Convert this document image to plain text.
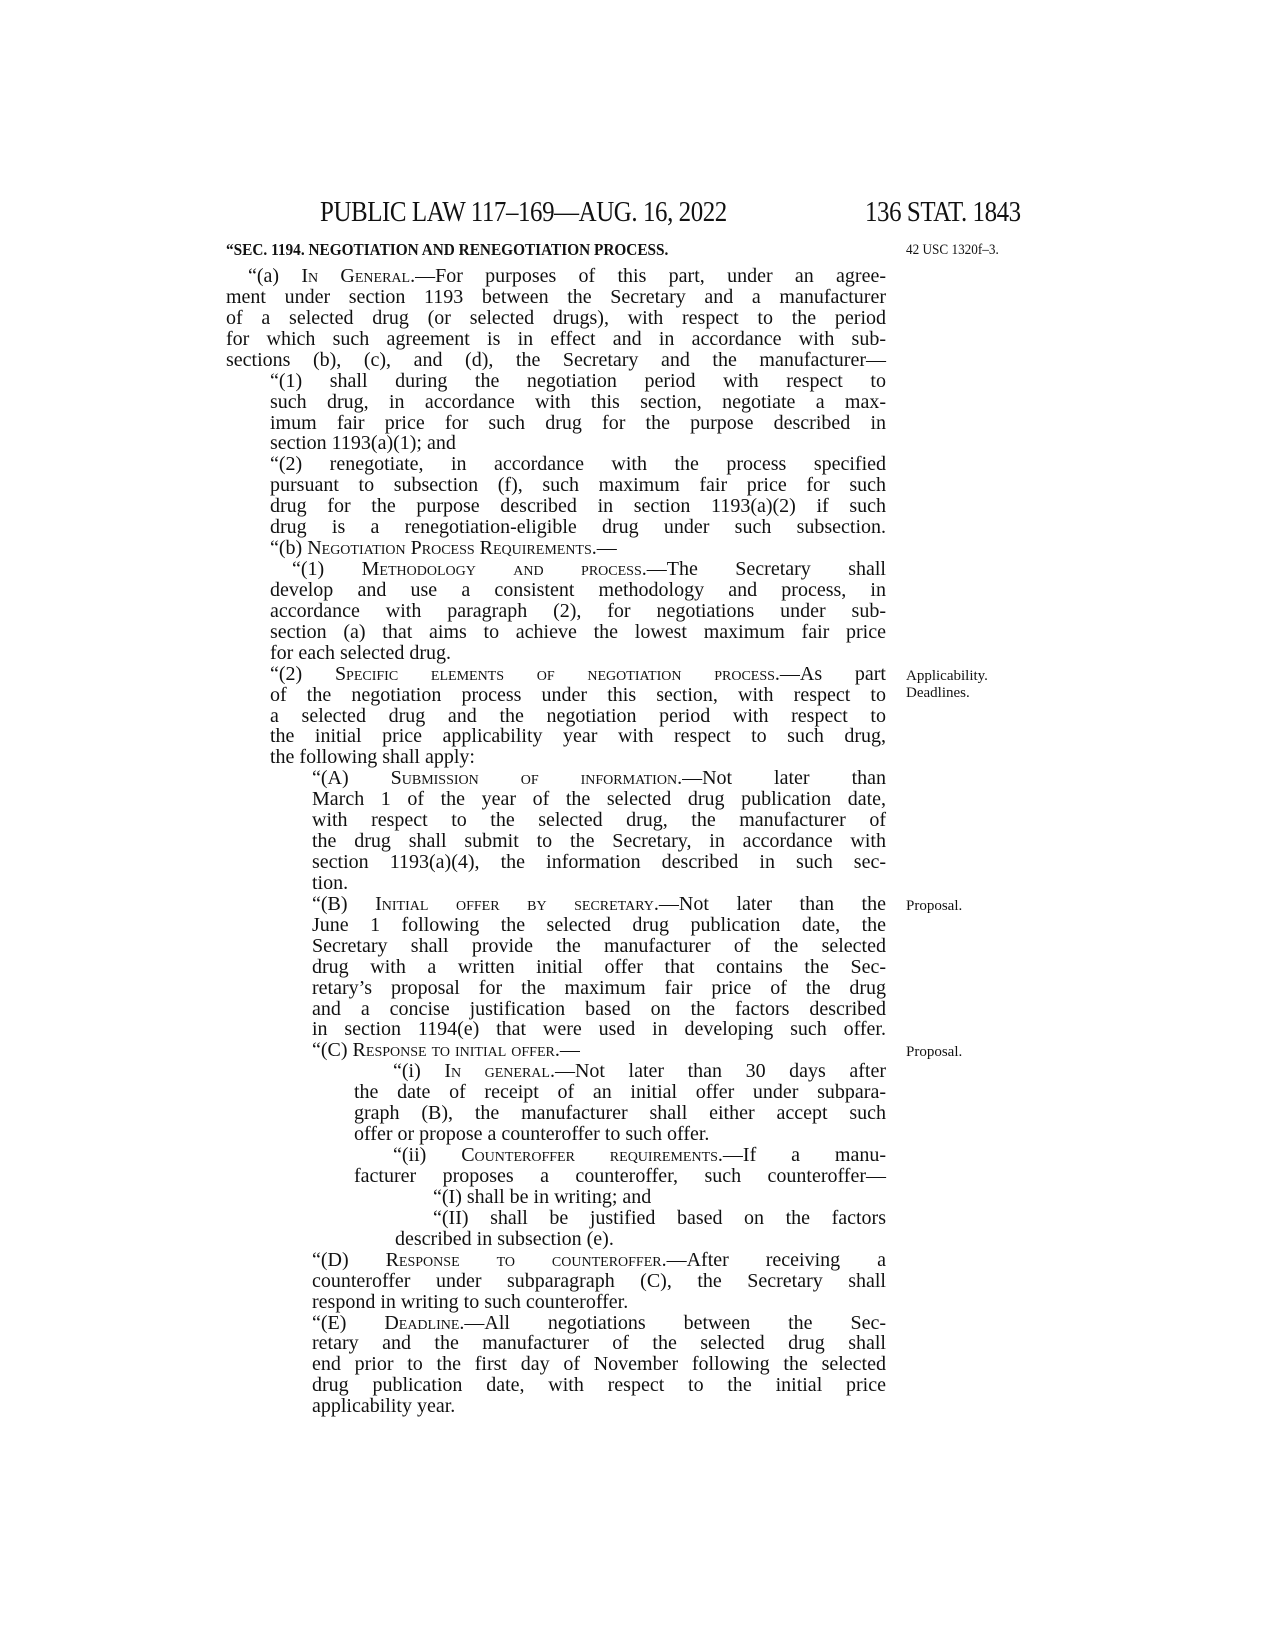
PUBLIC LAW 117–169—AUG. 16, 2022	136 STAT. 1843
“SEC. 1194. NEGOTIATION AND RENEGOTIATION PROCESS.	42 USC 1320f–3.
Applicability.
Deadlines.
Proposal.
Proposal.
“(a) In General.—For purposes of this part, under an agree-
ment under section 1193 between the Secretary and a manufacturer
of a selected drug (or selected drugs), with respect to the period
for which such agreement is in effect and in accordance with sub-
sections (b), (c), and (d), the Secretary and the manufacturer—
“(1) shall during the negotiation period with respect to
such drug, in accordance with this section, negotiate a max-
imum fair price for such drug for the purpose described in
section 1193(a)(1); and
“(2) renegotiate, in accordance with the process specified
pursuant to subsection (f), such maximum fair price for such
drug for the purpose described in section 1193(a)(2) if such
drug is a renegotiation-eligible drug under such subsection.
“(b) Negotiation Process Requirements.—
“(1) Methodology and process.—The Secretary shall
develop and use a consistent methodology and process, in
accordance with paragraph (2), for negotiations under sub-
section (a) that aims to achieve the lowest maximum fair price
for each selected drug.
“(2) Specific elements of negotiation process.—As part
of the negotiation process under this section, with respect to
a selected drug and the negotiation period with respect to
the initial price applicability year with respect to such drug,
the following shall apply:
“(A) Submission of information.—Not later than
March 1 of the year of the selected drug publication date,
with respect to the selected drug, the manufacturer of
the drug shall submit to the Secretary, in accordance with
section 1193(a)(4), the information described in such sec-
tion.
“(B) Initial offer by secretary.—Not later than the
June 1 following the selected drug publication date, the
Secretary shall provide the manufacturer of the selected
drug with a written initial offer that contains the Sec-
retary’s proposal for the maximum fair price of the drug
and a concise justification based on the factors described
in section 1194(e) that were used in developing such offer.
“(C) Response to initial offer.—
“(i) In general.—Not later than 30 days after
the date of receipt of an initial offer under subpara-
graph (B), the manufacturer shall either accept such
offer or propose a counteroffer to such offer.
“(ii) Counteroffer requirements.—If a manu-
facturer proposes a counteroffer, such counteroffer—
“(I) shall be in writing; and
“(II) shall be justified based on the factors
described in subsection (e).
“(D) Response to counteroffer.—After receiving a
counteroffer under subparagraph (C), the Secretary shall
respond in writing to such counteroffer.
“(E) Deadline.—All negotiations between the Sec-
retary and the manufacturer of the selected drug shall
end prior to the first day of November following the selected
drug publication date, with respect to the initial price
applicability year.
